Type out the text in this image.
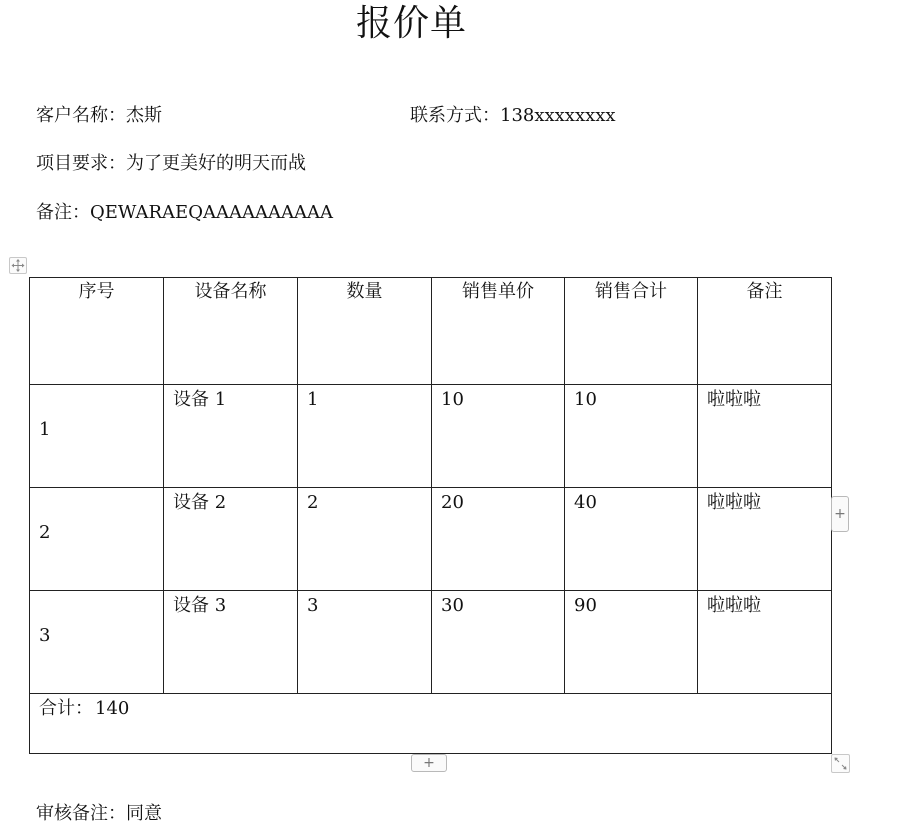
报价单
客户名称：杰斯	联系方式：138xxxxxxxx
项目要求：为了更美好的明天而战
备注：QEWARAEQAAAAAAAAAA
序号	设备名称	数量	销售单价	销售合计	备注
1	设备 1	1	10	10	啦啦啦
2	设备 2	2	20	40	啦啦啦
3	设备 3	3	30	90	啦啦啦
合计： 140					
+
+
审核备注：同意
